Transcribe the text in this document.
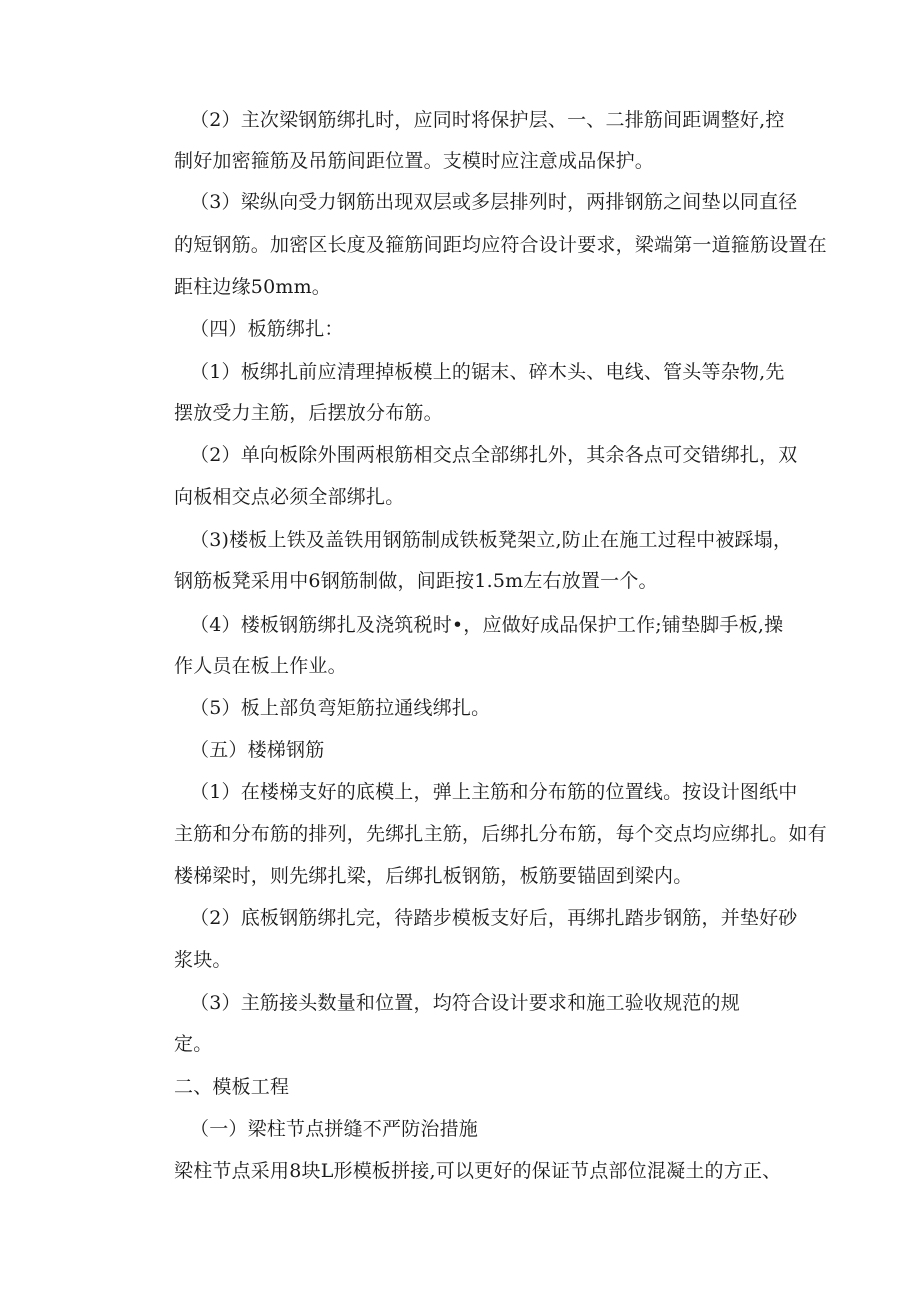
（2）主次梁钢筋绑扎时，应同时将保护层、一、二排筋间距调整好,控
制好加密箍筋及吊筋间距位置。支模时应注意成品保护。
（3）梁纵向受力钢筋出现双层或多层排列时，两排钢筋之间垫以同直径
的短钢筋。加密区长度及箍筋间距均应符合设计要求，梁端第一道箍筋设置在
距柱边缘50mm。
（四）板筋绑扎：
（1）板绑扎前应清理掉板模上的锯末、碎木头、电线、管头等杂物,先
摆放受力主筋，后摆放分布筋。
（2）单向板除外围两根筋相交点全部绑扎外，其余各点可交错绑扎，双
向板相交点必须全部绑扎。
（3)楼板上铁及盖铁用钢筋制成铁板凳架立,防止在施工过程中被踩塌，
钢筋板凳采用中6钢筋制做，间距按1.5m左右放置一个。
（4）楼板钢筋绑扎及浇筑税时•，应做好成品保护工作;铺垫脚手板,操
作人员在板上作业。
（5）板上部负弯矩筋拉通线绑扎。
（五）楼梯钢筋
（1）在楼梯支好的底模上，弹上主筋和分布筋的位置线。按设计图纸中
主筋和分布筋的排列，先绑扎主筋，后绑扎分布筋，每个交点均应绑扎。如有
楼梯梁时，则先绑扎梁，后绑扎板钢筋，板筋要锚固到梁内。
（2）底板钢筋绑扎完，待踏步模板支好后，再绑扎踏步钢筋，并垫好砂
浆块。
（3）主筋接头数量和位置，均符合设计要求和施工验收规范的规
定。
二、模板工程
（一）梁柱节点拼缝不严防治措施
梁柱节点采用8块L形模板拼接,可以更好的保证节点部位混凝土的方正、
